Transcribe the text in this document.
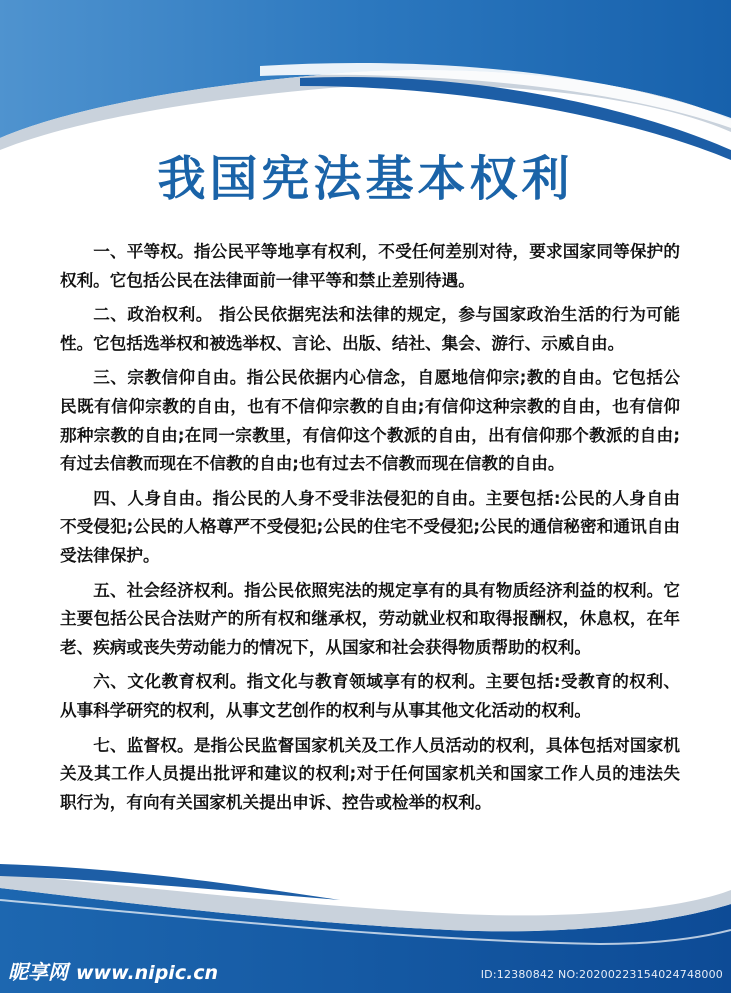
我国宪法基本权利

一、平等权。指公民平等地享有权利，不受任何差别对待，要求国家同等保护的权利。它包括公民在法律面前一律平等和禁止差别待遇。

二、政治权利。 指公民依据宪法和法律的规定，参与国家政治生活的行为可能性。它包括选举权和被选举权、言论、出版、结社、集会、游行、示威自由。

三、宗教信仰自由。指公民依据内心信念，自愿地信仰宗;教的自由。它包括公民既有信仰宗教的自由，也有不信仰宗教的自由;有信仰这种宗教的自由，也有信仰那种宗教的自由;在同一宗教里，有信仰这个教派的自由，出有信仰那个教派的自由;有过去信教而现在不信教的自由;也有过去不信教而现在信教的自由。

四、人身自由。指公民的人身不受非法侵犯的自由。主要包括:公民的人身自由不受侵犯;公民的人格尊严不受侵犯;公民的住宅不受侵犯;公民的通信秘密和通讯自由受法律保护。

五、社会经济权利。指公民依照宪法的规定享有的具有物质经济利益的权利。它主要包括公民合法财产的所有权和继承权，劳动就业权和取得报酬权，休息权，在年老、疾病或丧失劳动能力的情况下，从国家和社会获得物质帮助的权利。

六、文化教育权利。指文化与教育领域享有的权利。主要包括:受教育的权利、从事科学研究的权利，从事文艺创作的权利与从事其他文化活动的权利。

七、监督权。是指公民监督国家机关及工作人员活动的权利，具体包括对国家机关及其工作人员提出批评和建议的权利;对于任何国家机关和国家工作人员的违法失职行为，有向有关国家机关提出申诉、控告或检举的权利。

昵享网 www.nipic.cn	ID:12380842 NO:20200223154024748000
